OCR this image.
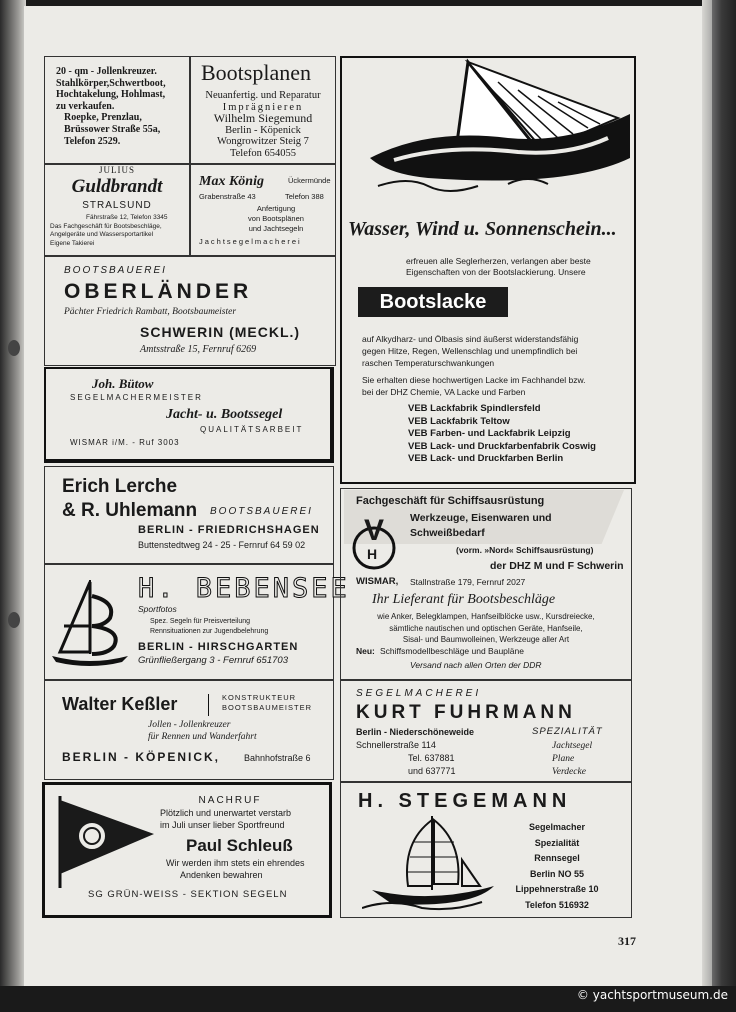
20 - qm - Jollenkreuzer.
Stahlkörper,Schwertboot,
Hochtakelung, Hohlmast,
zu verkaufen.
Roepke, Prenzlau,
Brüssower Straße 55a,
Telefon 2529.
Bootsplanen
Neuanfertig. und Reparatur
Imprägnieren
Wilhelm Siegemund
Berlin - Köpenick
Wongrowitzer Steig 7
Telefon 654055
JULIUS
Guldbrandt
STRALSUND
Fährstraße 12, Telefon 3345
Das Fachgeschäft für Bootsbeschläge,
Angelgeräte und Wassersportartikel
Eigene Takierei
Max König	Ückermünde
Grabenstraße 43	Telefon 388
Anfertigung
von Bootsplänen
und Jachtsegeln
Jachtsegelmacherei
BOOTSBAUEREI
OBERLÄNDER
Pächter Friedrich Rambatt, Bootsbaumeister
SCHWERIN (MECKL.)
Amtsstraße 15, Fernruf 6269
Joh. Bütow
SEGELMACHERMEISTER
Jacht- u. Bootssegel
QUALITÄTSARBEIT
WISMAR i/M. - Ruf 3003
Erich Lerche
& R. Uhlemann BOOTSBAUEREI
BERLIN - FRIEDRICHSHAGEN
Buttenstedtweg 24 - 25 - Fernruf 64 59 02
H. BEBENSEE
Sportfotos
Spez. Segeln für Preisverteilung
Rennsituationen zur Jugendbelehrung
BERLIN - HIRSCHGARTEN
Grünfließergang 3 - Fernruf 651703
Walter Keßler	KONSTRUKTEUR
BOOTSBAUMEISTER
Jollen - Jollenkreuzer
für Rennen und Wanderfahrt
BERLIN - KÖPENICK,	Bahnhofstraße 6
NACHRUF
Plötzlich und unerwartet verstarb
im Juli unser lieber Sportfreund
Paul Schleuß
Wir werden ihm stets ein ehrendes
Andenken bewahren
SG GRÜN-WEISS - SEKTION SEGELN
Wasser, Wind u. Sonnenschein...
erfreuen alle Seglerherzen, verlangen aber beste
Eigenschaften von der Bootslackierung. Unsere
Bootslacke
auf Alkydharz- und Ölbasis sind äußerst widerstandsfähig
gegen Hitze, Regen, Wellenschlag und unempfindlich bei
raschen Temperaturschwankungen
Sie erhalten diese hochwertigen Lacke im Fachhandel bzw.
bei der DHZ Chemie, VA Lacke und Farben
VEB Lackfabrik Spindlersfeld
VEB Lackfabrik Teltow
VEB Farben- und Lackfabrik Leipzig
VEB Lack- und Druckfarbenfabrik Coswig
VEB Lack- und Druckfarben Berlin
Fachgeschäft für Schiffsausrüstung
Werkzeuge, Eisenwaren und
Schweißbedarf
V
H	(vorm. »Nord« Schiffsausrüstung)
der DHZ M und F Schwerin
WISMAR, Stallnstraße 179, Fernruf 2027
Ihr Lieferant für Bootsbeschläge
wie Anker, Belegklampen, Hanfseilblöcke usw., Kursdreiecke,
sämtliche nautischen und optischen Geräte, Hanfseile,
Sisal- und Baumwolleinen, Werkzeuge aller Art
Neu: Schiffsmodellbeschläge und Baupläne
Versand nach allen Orten der DDR
SEGELMACHEREI
KURT FUHRMANN
Berlin - Niederschöneweide
Schnellerstraße 114
Tel. 637881
und 637771
SPEZIALITÄT
Jachtsegel
Plane
Verdecke
H. STEGEMANN
Segelmacher
Spezialität Rennsegel
Berlin NO 55
Lippehnerstraße 10
Telefon 516932
317
© yachtsportmuseum.de
